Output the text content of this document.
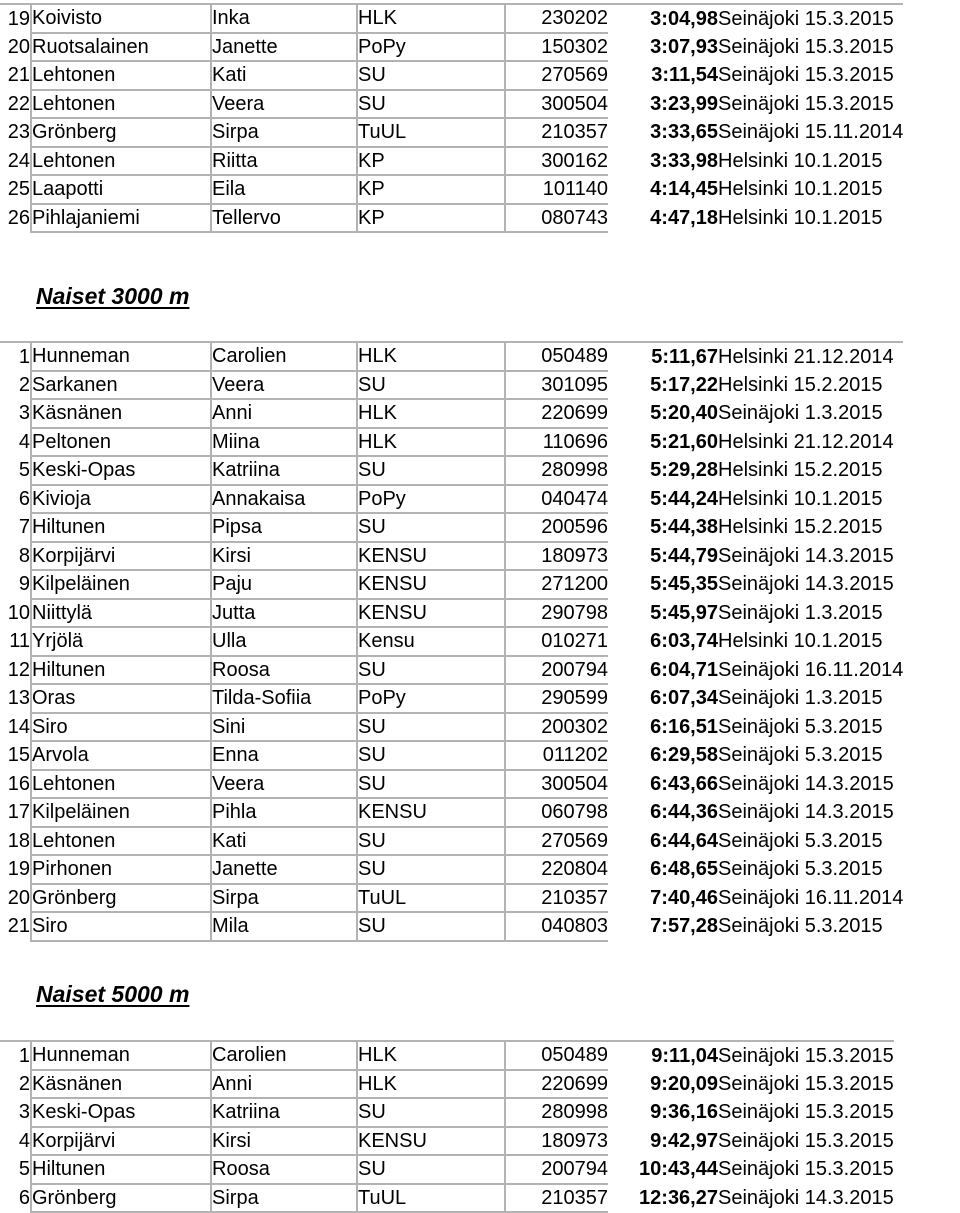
19	Koivisto	Inka	HLK	230202	3:04,98	Seinäjoki 15.3.2015
20	Ruotsalainen	Janette	PoPy	150302	3:07,93	Seinäjoki 15.3.2015
21	Lehtonen	Kati	SU	270569	3:11,54	Seinäjoki 15.3.2015
22	Lehtonen	Veera	SU	300504	3:23,99	Seinäjoki 15.3.2015
23	Grönberg	Sirpa	TuUL	210357	3:33,65	Seinäjoki 15.11.2014
24	Lehtonen	Riitta	KP	300162	3:33,98	Helsinki 10.1.2015
25	Laapotti	Eila	KP	101140	4:14,45	Helsinki 10.1.2015
26	Pihlajaniemi	Tellervo	KP	080743	4:47,18	Helsinki 10.1.2015
Naiset 3000 m
1	Hunneman	Carolien	HLK	050489	5:11,67	Helsinki 21.12.2014
2	Sarkanen	Veera	SU	301095	5:17,22	Helsinki 15.2.2015
3	Käsnänen	Anni	HLK	220699	5:20,40	Seinäjoki 1.3.2015
4	Peltonen	Miina	HLK	110696	5:21,60	Helsinki 21.12.2014
5	Keski-Opas	Katriina	SU	280998	5:29,28	Helsinki 15.2.2015
6	Kivioja	Annakaisa	PoPy	040474	5:44,24	Helsinki 10.1.2015
7	Hiltunen	Pipsa	SU	200596	5:44,38	Helsinki 15.2.2015
8	Korpijärvi	Kirsi	KENSU	180973	5:44,79	Seinäjoki 14.3.2015
9	Kilpeläinen	Paju	KENSU	271200	5:45,35	Seinäjoki 14.3.2015
10	Niittylä	Jutta	KENSU	290798	5:45,97	Seinäjoki 1.3.2015
11	Yrjölä	Ulla	Kensu	010271	6:03,74	Helsinki 10.1.2015
12	Hiltunen	Roosa	SU	200794	6:04,71	Seinäjoki 16.11.2014
13	Oras	Tilda-Sofiia	PoPy	290599	6:07,34	Seinäjoki 1.3.2015
14	Siro	Sini	SU	200302	6:16,51	Seinäjoki 5.3.2015
15	Arvola	Enna	SU	011202	6:29,58	Seinäjoki 5.3.2015
16	Lehtonen	Veera	SU	300504	6:43,66	Seinäjoki 14.3.2015
17	Kilpeläinen	Pihla	KENSU	060798	6:44,36	Seinäjoki 14.3.2015
18	Lehtonen	Kati	SU	270569	6:44,64	Seinäjoki 5.3.2015
19	Pirhonen	Janette	SU	220804	6:48,65	Seinäjoki 5.3.2015
20	Grönberg	Sirpa	TuUL	210357	7:40,46	Seinäjoki 16.11.2014
21	Siro	Mila	SU	040803	7:57,28	Seinäjoki 5.3.2015
Naiset 5000 m
1	Hunneman	Carolien	HLK	050489	9:11,04	Seinäjoki 15.3.2015
2	Käsnänen	Anni	HLK	220699	9:20,09	Seinäjoki 15.3.2015
3	Keski-Opas	Katriina	SU	280998	9:36,16	Seinäjoki 15.3.2015
4	Korpijärvi	Kirsi	KENSU	180973	9:42,97	Seinäjoki 15.3.2015
5	Hiltunen	Roosa	SU	200794	10:43,44	Seinäjoki 15.3.2015
6	Grönberg	Sirpa	TuUL	210357	12:36,27	Seinäjoki 14.3.2015
